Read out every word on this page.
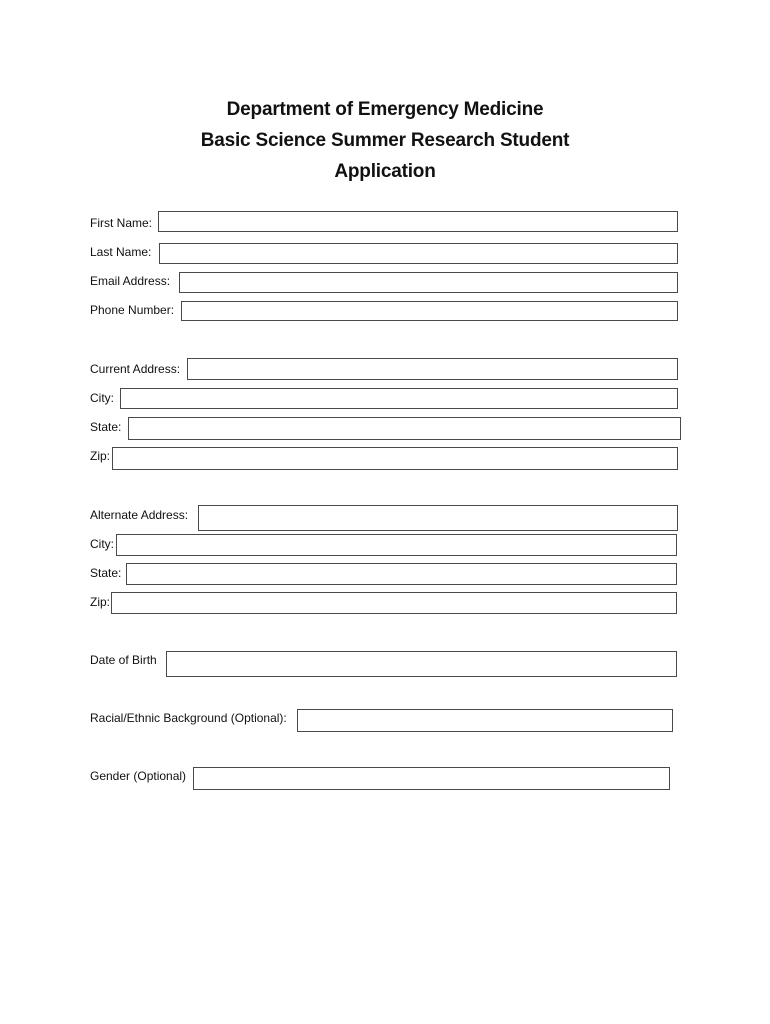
Department of Emergency Medicine
Basic Science Summer Research Student
Application
First Name:
Last Name:
Email Address:
Phone Number:
Current Address:
City:
State:
Zip:
Alternate Address:
City:
State:
Zip:
Date of Birth
Racial/Ethnic Background (Optional):
Gender (Optional)
